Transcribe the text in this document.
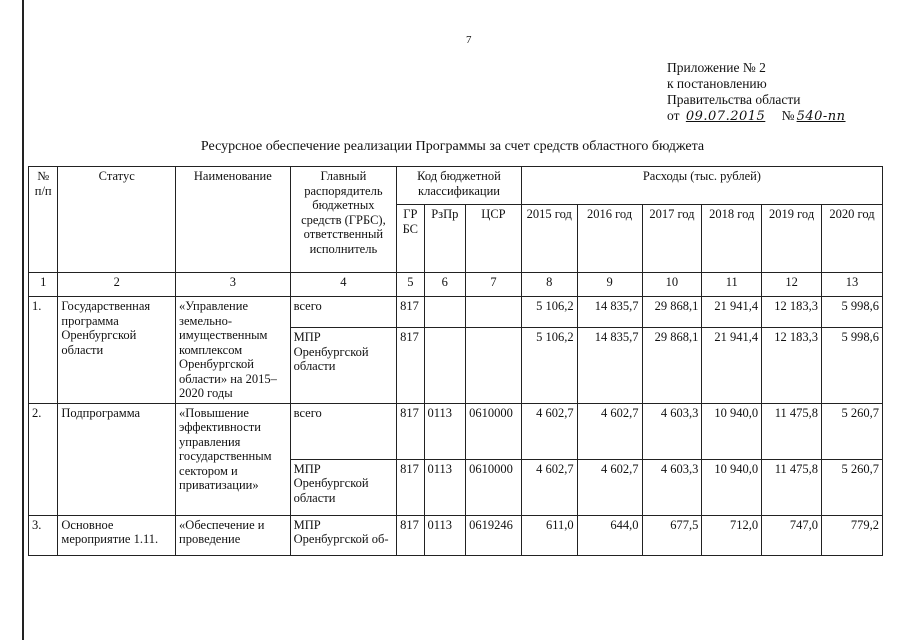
7
Приложение № 2
к постановлению
Правительства области
от 09.07.2015 № 540-пп
Ресурсное обеспечение реализации Программы за счет средств областного бюджета
№ п/п	Статус	Наименование	Главный распорядитель бюджетных средств (ГРБС), ответственный исполнитель	Код бюджетной классификации			Расходы (тыс. рублей)					
				ГР БС	РзПр	ЦСР	2015 год	2016 год	2017 год	2018 год	2019 год	2020 год
1	2	3	4	5	6	7	8	9	10	11	12	13
1.	Государственная программа Оренбургской области	«Управление земельно-имущественным комплексом Оренбургской области» на 2015–2020 годы	всего	817			5 106,2	14 835,7	29 868,1	21 941,4	12 183,3	5 998,6
			МПР Оренбургской области	817			5 106,2	14 835,7	29 868,1	21 941,4	12 183,3	5 998,6
2.	Подпрограмма	«Повышение эффективности управления государственным сектором и приватизации»	всего	817	0113	0610000	4 602,7	4 602,7	4 603,3	10 940,0	11 475,8	5 260,7
			МПР Оренбургской области	817	0113	0610000	4 602,7	4 602,7	4 603,3	10 940,0	11 475,8	5 260,7
3.	Основное мероприятие 1.11.	«Обеспечение и проведение	МПР Оренбургской об-	817	0113	0619246	611,0	644,0	677,5	712,0	747,0	779,2
